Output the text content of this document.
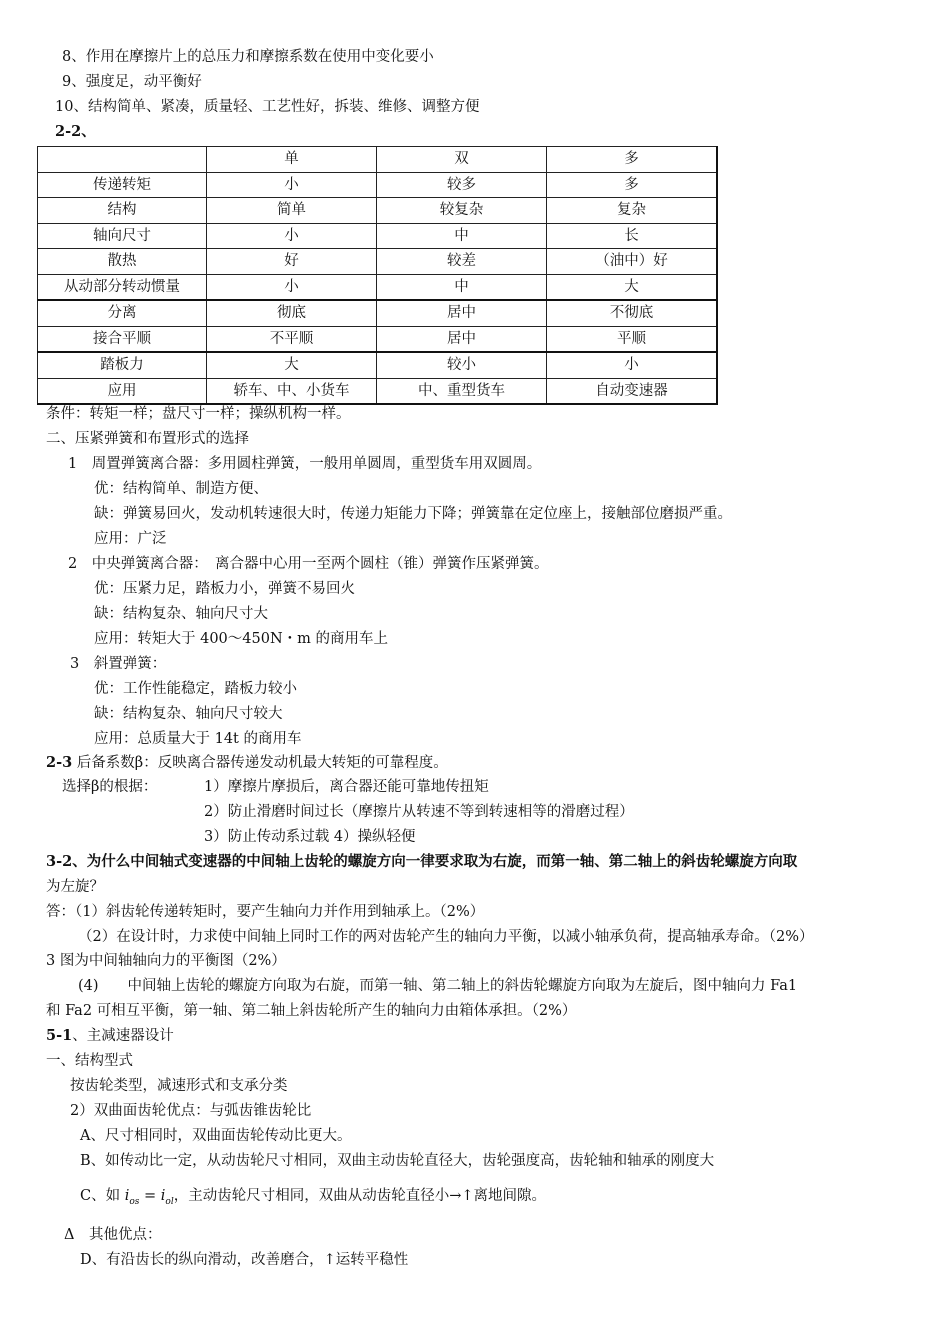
8、作用在摩擦片上的总压力和摩擦系数在使用中变化要小
9、强度足，动平衡好
10、结构简单、紧凑，质量轻、工艺性好，拆装、维修、调整方便
2-2、
	单	双	多
传递转矩	小	较多	多
结构	简单	较复杂	复杂
轴向尺寸	小	中	长
散热	好	较差	（油中）好
从动部分转动惯量	小	中	大
分离	彻底	居中	不彻底
接合平顺	不平顺	居中	平顺
踏板力	大	较小	小
应用	轿车、中、小货车	中、重型货车	自动变速器
条件：转矩一样；盘尺寸一样；操纵机构一样。
二、压紧弹簧和布置形式的选择
1　周置弹簧离合器：多用圆柱弹簧，一般用单圆周，重型货车用双圆周。
优：结构简单、制造方便、
缺：弹簧易回火，发动机转速很大时，传递力矩能力下降；弹簧靠在定位座上，接触部位磨损严重。
应用：广泛
2　中央弹簧离合器：　离合器中心用一至两个圆柱（锥）弹簧作压紧弹簧。
优：压紧力足，踏板力小，弹簧不易回火
缺：结构复杂、轴向尺寸大
应用：转矩大于 400～450N・m 的商用车上
3　斜置弹簧：
优：工作性能稳定，踏板力较小
缺：结构复杂、轴向尺寸较大
应用：总质量大于 14t 的商用车
2-3 后备系数β：反映离合器传递发动机最大转矩的可靠程度。
选择β的根据：	1）摩擦片摩损后，离合器还能可靠地传扭矩
2）防止滑磨时间过长（摩擦片从转速不等到转速相等的滑磨过程）
3）防止传动系过载 4）操纵轻便
3-2、为什么中间轴式变速器的中间轴上齿轮的螺旋方向一律要求取为右旋，而第一轴、第二轴上的斜齿轮螺旋方向取
为左旋？
答：（1）斜齿轮传递转矩时，要产生轴向力并作用到轴承上。（2%）
（2）在设计时，力求使中间轴上同时工作的两对齿轮产生的轴向力平衡，以减小轴承负荷，提高轴承寿命。（2%）
3 图为中间轴轴向力的平衡图（2%）
(4)　　中间轴上齿轮的螺旋方向取为右旋，而第一轴、第二轴上的斜齿轮螺旋方向取为左旋后，图中轴向力 Fa1
和 Fa2 可相互平衡，第一轴、第二轴上斜齿轮所产生的轴向力由箱体承担。（2%）
5-1、主减速器设计
一、结构型式
按齿轮类型，减速形式和支承分类
2）双曲面齿轮优点：与弧齿锥齿轮比
A、尺寸相同时，双曲面齿轮传动比更大。
B、如传动比一定，从动齿轮尺寸相同，双曲主动齿轮直径大，齿轮强度高，齿轮轴和轴承的刚度大
C、如 $i_{os} = i_{ol}$，主动齿轮尺寸相同，双曲从动齿轮直径小→↑离地间隙。
Δ　其他优点：
D、有沿齿长的纵向滑动，改善磨合，↑运转平稳性
